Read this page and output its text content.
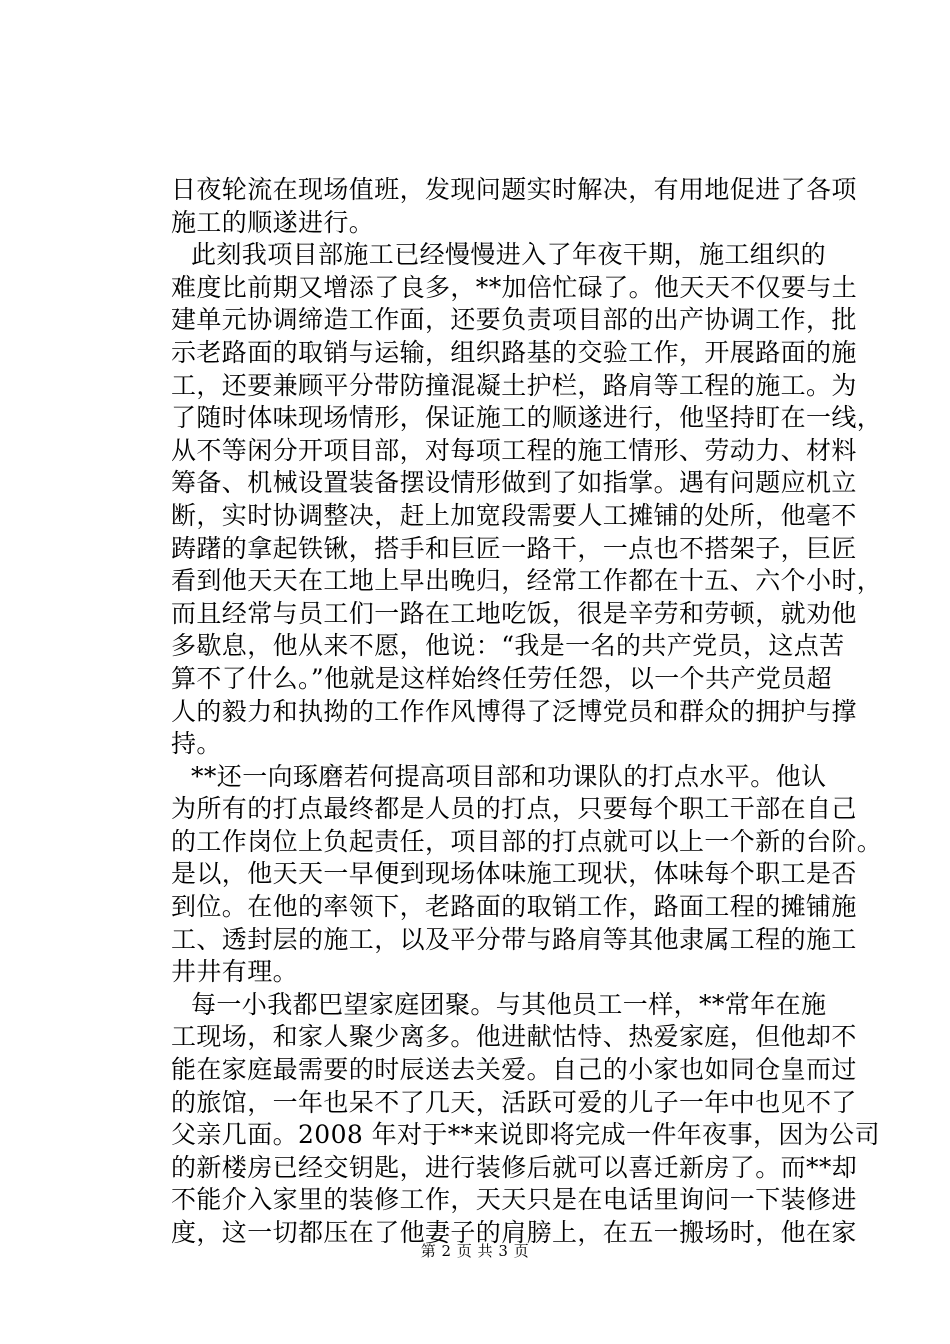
日夜轮流在现场值班，发现问题实时解决，有用地促进了各项
施工的顺遂进行。
此刻我项目部施工已经慢慢进入了年夜干期，施工组织的
难度比前期又增添了良多，**加倍忙碌了。他天天不仅要与土
建单元协调缔造工作面，还要负责项目部的出产协调工作，批
示老路面的取销与运输，组织路基的交验工作，开展路面的施
工，还要兼顾平分带防撞混凝土护栏，路肩等工程的施工。为
了随时体味现场情形，保证施工的顺遂进行，他坚持盯在一线，
从不等闲分开项目部，对每项工程的施工情形、劳动力、材料
筹备、机械设置装备摆设情形做到了如指掌。遇有问题应机立
断，实时协调整决，赶上加宽段需要人工摊铺的处所，他毫不
踌躇的拿起铁锹，搭手和巨匠一路干，一点也不搭架子，巨匠
看到他天天在工地上早出晚归，经常工作都在十五、六个小时，
而且经常与员工们一路在工地吃饭，很是辛劳和劳顿，就劝他
多歇息，他从来不愿，他说：“我是一名的共产党员，这点苦
算不了什么。”他就是这样始终任劳任怨，以一个共产党员超
人的毅力和执拗的工作作风博得了泛博党员和群众的拥护与撑
持。
**还一向琢磨若何提高项目部和功课队的打点水平。他认
为所有的打点最终都是人员的打点，只要每个职工干部在自己
的工作岗位上负起责任，项目部的打点就可以上一个新的台阶。
是以，他天天一早便到现场体味施工现状，体味每个职工是否
到位。在他的率领下，老路面的取销工作，路面工程的摊铺施
工、透封层的施工，以及平分带与路肩等其他隶属工程的施工
井井有理。
每一小我都巴望家庭团聚。与其他员工一样，**常年在施
工现场，和家人聚少离多。他进献怙恃、热爱家庭，但他却不
能在家庭最需要的时辰送去关爱。自己的小家也如同仓皇而过
的旅馆，一年也呆不了几天，活跃可爱的儿子一年中也见不了
父亲几面。2008 年对于**来说即将完成一件年夜事，因为公司
的新楼房已经交钥匙，进行装修后就可以喜迁新房了。而**却
不能介入家里的装修工作，天天只是在电话里询问一下装修进
度，这一切都压在了他妻子的肩膀上，在五一搬场时，他在家
第 2 页 共 3 页
